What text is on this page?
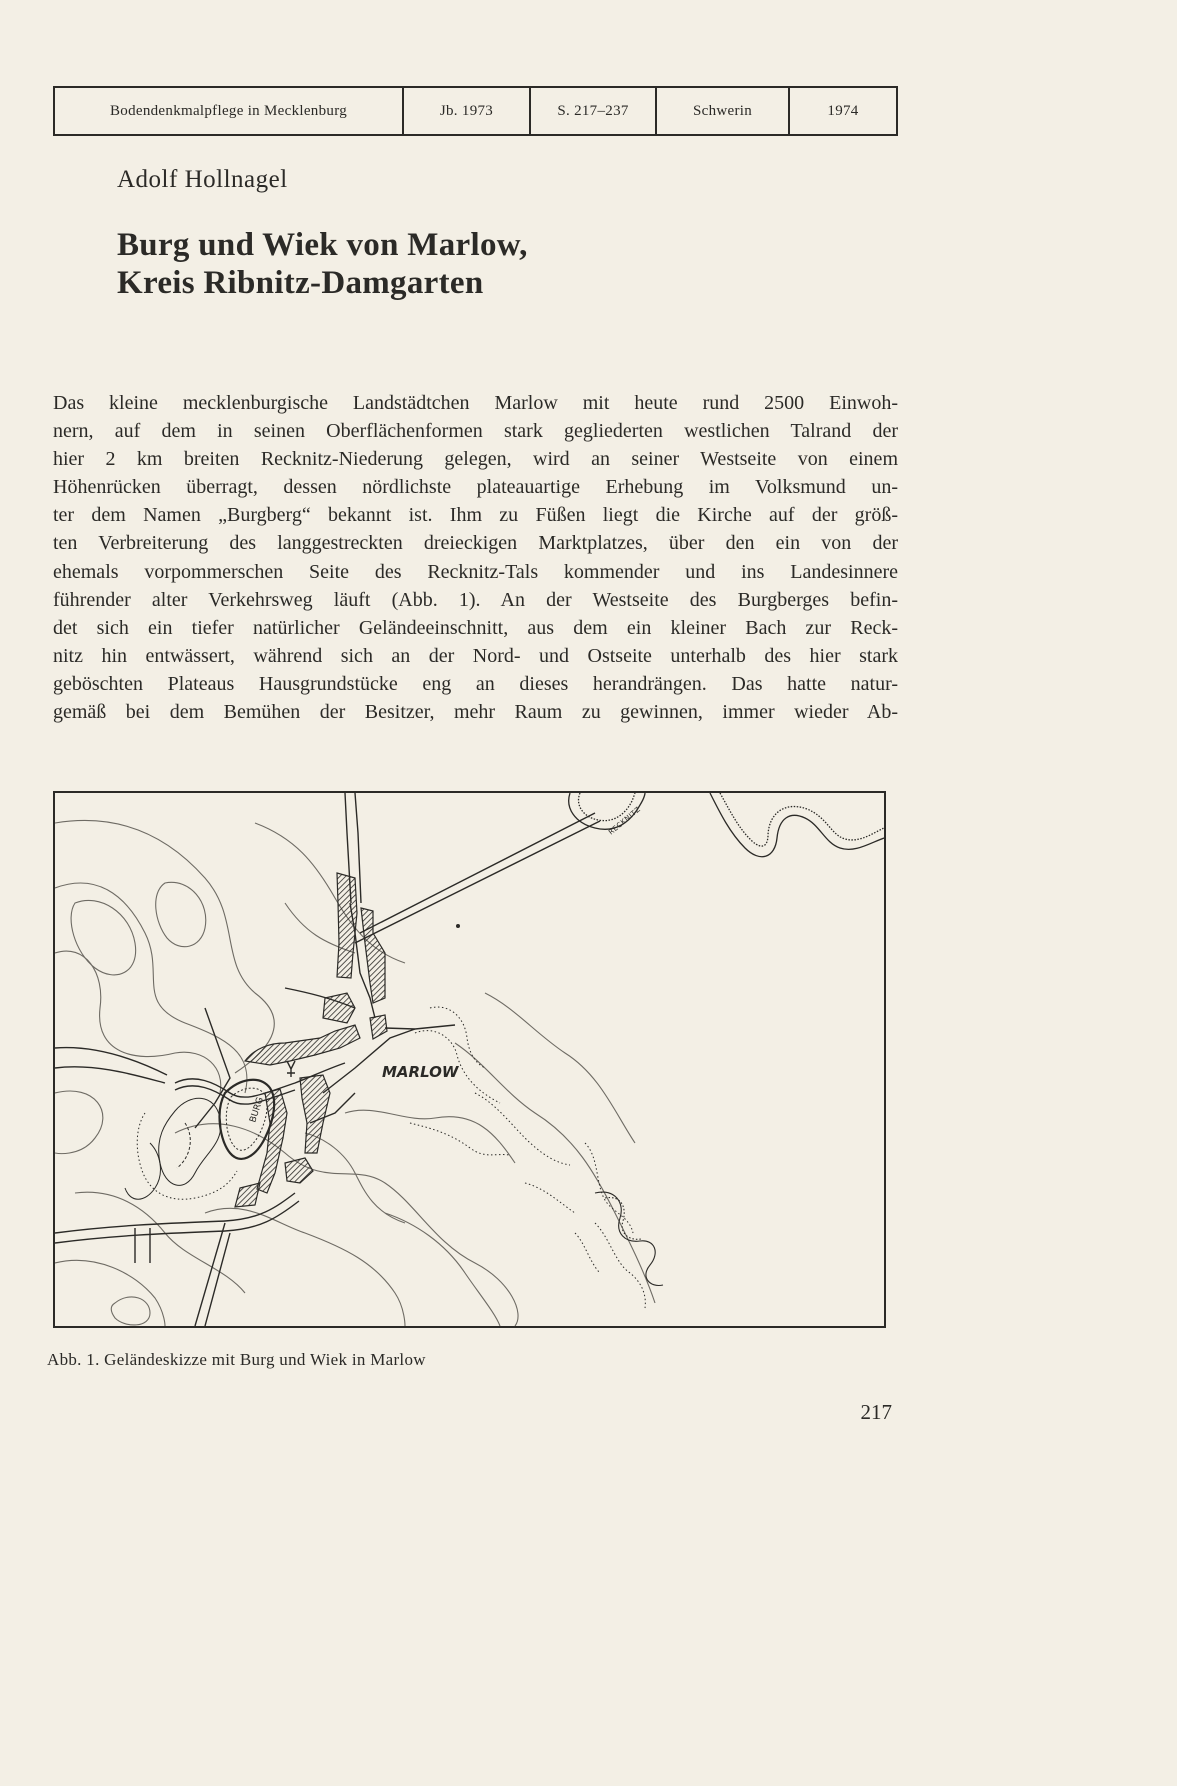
Bodendenkmalpflege in Mecklenburg	Jb. 1973	S. 217–237	Schwerin	1974
Adolf Hollnagel
Burg und Wiek von Marlow,
Kreis Ribnitz-Damgarten
Das kleine mecklenburgische Landstädtchen Marlow mit heute rund 2500 Einwoh-
nern, auf dem in seinen Oberflächenformen stark gegliederten westlichen Talrand der
hier 2 km breiten Recknitz-Niederung gelegen, wird an seiner Westseite von einem
Höhenrücken überragt, dessen nördlichste plateauartige Erhebung im Volksmund un-
ter dem Namen „Burgberg“ bekannt ist. Ihm zu Füßen liegt die Kirche auf der größ-
ten Verbreiterung des langgestreckten dreieckigen Marktplatzes, über den ein von der
ehemals vorpommerschen Seite des Recknitz-Tals kommender und ins Landesinnere
führender alter Verkehrsweg läuft (Abb. 1). An der Westseite des Burgberges befin-
det sich ein tiefer natürlicher Geländeeinschnitt, aus dem ein kleiner Bach zur Reck-
nitz hin entwässert, während sich an der Nord- und Ostseite unterhalb des hier stark
geböschten Plateaus Hausgrundstücke eng an dieses herandrängen. Das hatte natur-
gemäß bei dem Bemühen der Besitzer, mehr Raum zu gewinnen, immer wieder Ab-
MARLOW
BURG
RECKNITZ
Abb. 1. Geländeskizze mit Burg und Wiek in Marlow
217
